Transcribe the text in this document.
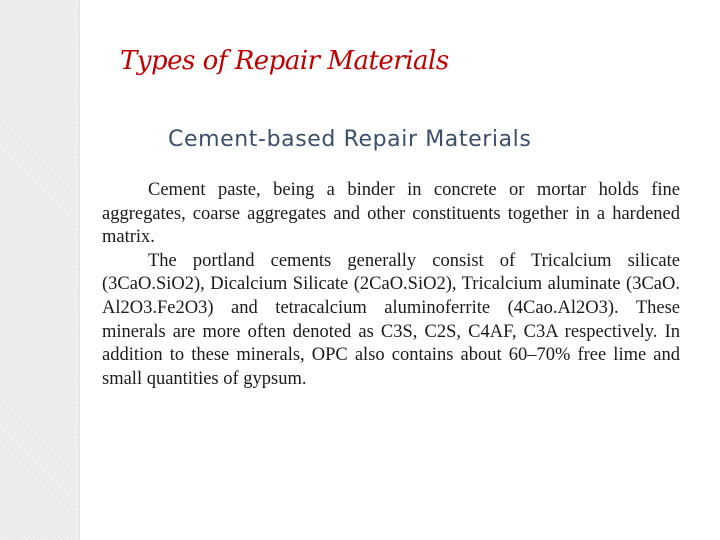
Types of Repair Materials
Cement-based Repair Materials

Cement paste, being a binder in concrete or mortar holds fine aggregates, coarse aggregates and other constituents together in a hardened matrix.

The portland cements generally consist of Tricalcium silicate (3CaO.SiO2), Dicalcium Silicate (2CaO.SiO2), Tricalcium aluminate (3CaO. Al2O3.Fe2O3) and tetracalcium aluminoferrite (4Cao.Al2O3). These minerals are more often denoted as C3S, C2S, C4AF, C3A respectively. In addition to these minerals, OPC also contains about 60–70% free lime and small quantities of gypsum.
